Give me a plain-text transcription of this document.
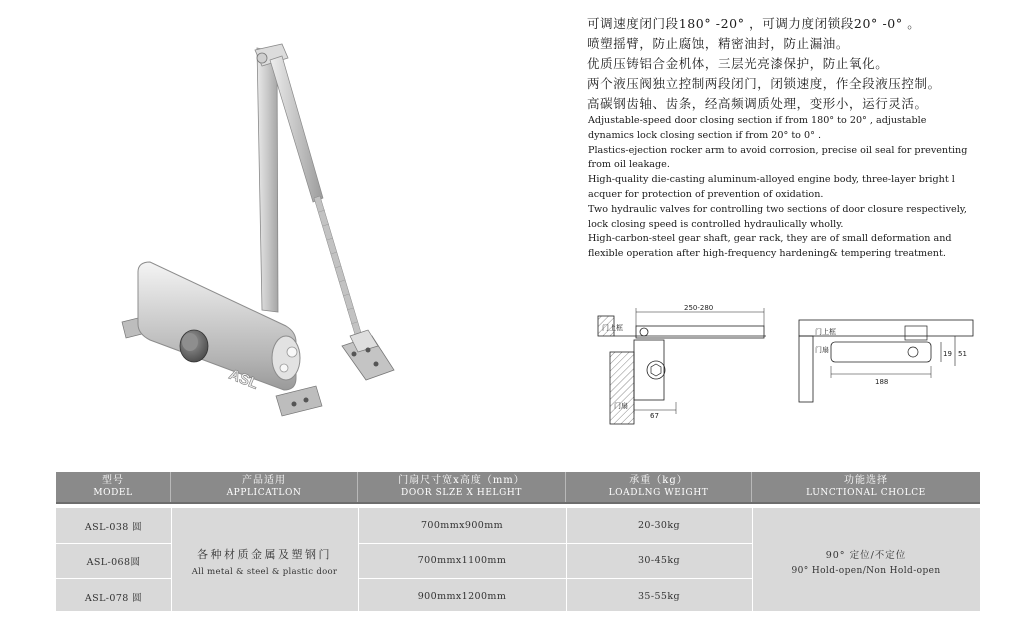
ASL
可调速度闭门段180° -20° ，可调力度闭锁段20° -0° 。
喷塑摇臂，防止腐蚀，精密油封，防止漏油。
优质压铸铝合金机体，三层光亮漆保护，防止氧化。
两个液压阀独立控制两段闭门，闭锁速度，作全段液压控制。
高碳钢齿轴、齿条，经高频调质处理，变形小，运行灵活。
Adjustable-speed door closing section if from 180° to 20° , adjustable
dynamics lock closing section if from 20° to 0° .
Plastics-ejection rocker arm to avoid corrosion, precise oil seal for preventing
from oil leakage.
High-quality die-casting aluminum-alloyed engine body, three-layer bright l
acquer for protection of prevention of oxidation.
Two hydraulic valves for controlling two sections of door closure respectively,
lock closing speed is controlled hydraulically wholly.
High-carbon-steel gear shaft, gear rack, they are of small deformation and
flexible operation after high-frequency hardening& tempering treatment.
250-280
67
门上框
门扇
188
19 51
门上框
门扇
型号
MODEL
产品适用
APPLICATLON
门扇尺寸宽x高度（mm）
DOOR SLZE X HELGHT
承重（kg）
LOADLNG WEIGHT
功能选择
LUNCTIONAL CHOLCE
ASL-038 圆
ASL-068圆
ASL-078 圆
各种材质金属及塑钢门
All metal & steel & plastic door
700mmx900mm
700mmx1100mm
900mmx1200mm
20-30kg
30-45kg
35-55kg
90° 定位/不定位
90° Hold-open/Non Hold-open
